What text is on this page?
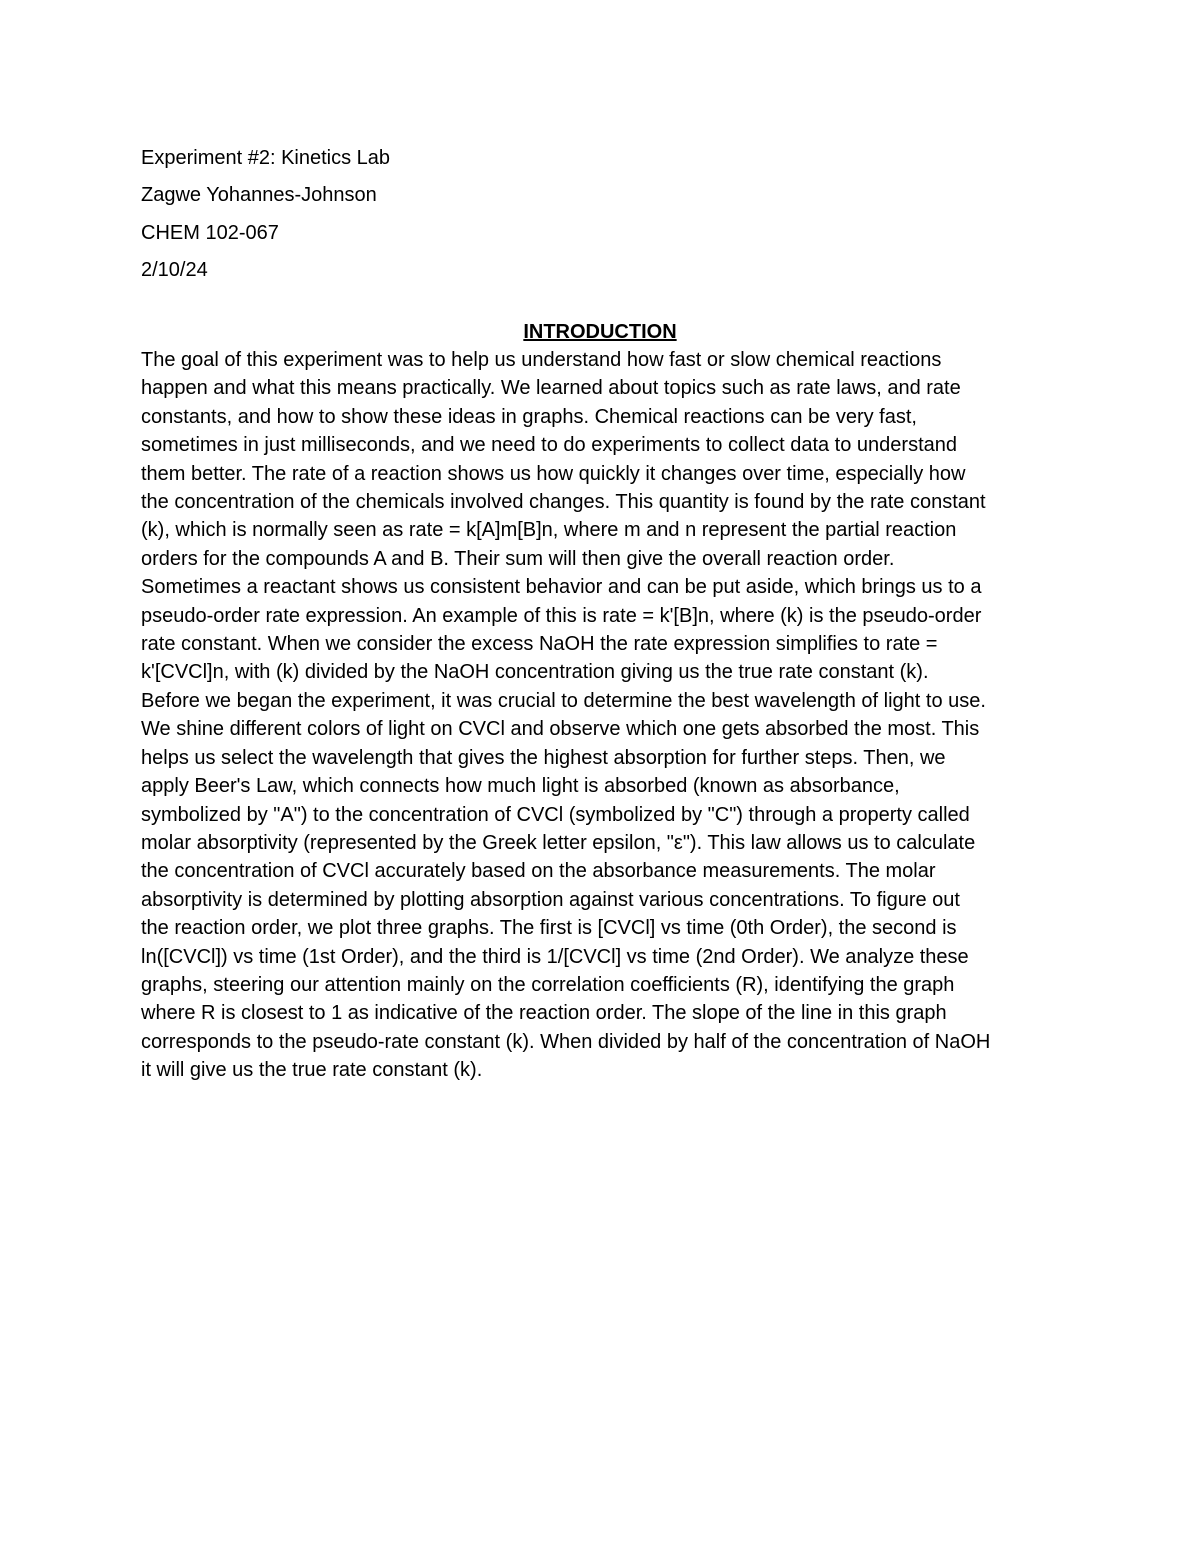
Experiment #2: Kinetics Lab
Zagwe Yohannes-Johnson
CHEM 102-067
2/10/24
INTRODUCTION
The goal of this experiment was to help us understand how fast or slow chemical reactions
happen and what this means practically. We learned about topics such as rate laws, and rate
constants, and how to show these ideas in graphs. Chemical reactions can be very fast,
sometimes in just milliseconds, and we need to do experiments to collect data to understand
them better. The rate of a reaction shows us how quickly it changes over time, especially how
the concentration of the chemicals involved changes. This quantity is found by the rate constant
(k), which is normally seen as rate = k[A]m[B]n, where m and n represent the partial reaction
orders for the compounds A and B. Their sum will then give the overall reaction order.
Sometimes a reactant shows us consistent behavior and can be put aside, which brings us to a
pseudo-order rate expression. An example of this is rate = k'[B]n, where (k) is the pseudo-order
rate constant. When we consider the excess NaOH the rate expression simplifies to rate =
k'[CVCl]n, with (k) divided by the NaOH concentration giving us the true rate constant (k).
Before we began the experiment, it was crucial to determine the best wavelength of light to use.
We shine different colors of light on CVCl and observe which one gets absorbed the most. This
helps us select the wavelength that gives the highest absorption for further steps. Then, we
apply Beer's Law, which connects how much light is absorbed (known as absorbance,
symbolized by "A") to the concentration of CVCl (symbolized by "C") through a property called
molar absorptivity (represented by the Greek letter epsilon, "ε"). This law allows us to calculate
the concentration of CVCl accurately based on the absorbance measurements. The molar
absorptivity is determined by plotting absorption against various concentrations. To figure out
the reaction order, we plot three graphs. The first is [CVCl] vs time (0th Order), the second is
ln([CVCl]) vs time (1st Order), and the third is 1/[CVCl] vs time (2nd Order). We analyze these
graphs, steering our attention mainly on the correlation coefficients (R), identifying the graph
where R is closest to 1 as indicative of the reaction order. The slope of the line in this graph
corresponds to the pseudo-rate constant (k). When divided by half of the concentration of NaOH
it will give us the true rate constant (k).
